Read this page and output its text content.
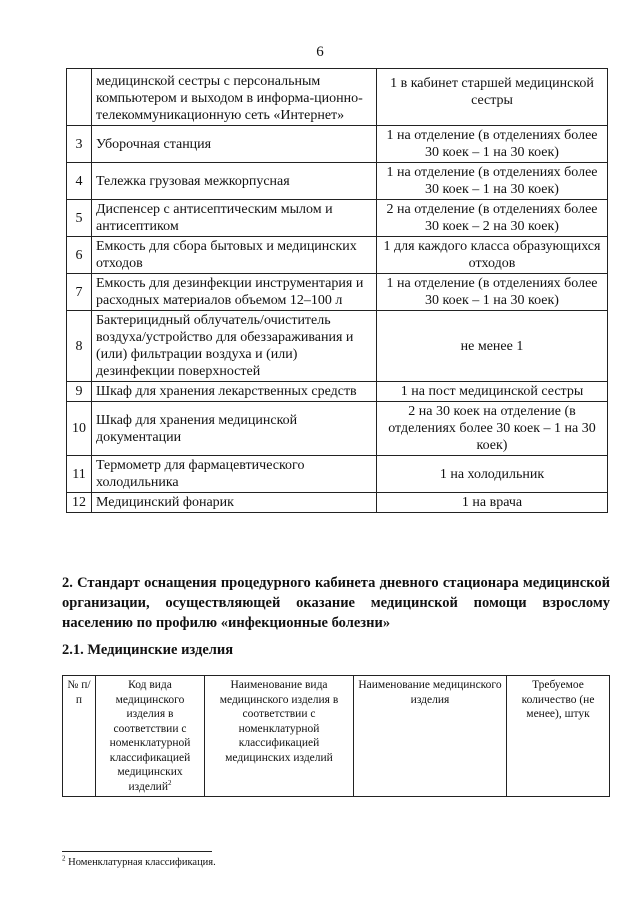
6
	медицинской сестры с персональным компьютером и выходом в информа-ционно-телекоммуникационную сеть «Интернет»	1 в кабинет старшей медицинской сестры
3	Уборочная станция	1 на отделение (в отделениях более 30 коек – 1 на 30 коек)
4	Тележка грузовая межкорпусная	1 на отделение (в отделениях более 30 коек – 1 на 30 коек)
5	Диспенсер с антисептическим мылом и антисептиком	2 на отделение (в отделениях более 30 коек – 2 на 30 коек)
6	Емкость для сбора бытовых и медицинских отходов	1 для каждого класса образующихся отходов
7	Емкость для дезинфекции инструментария и расходных материалов объемом 12–100 л	1 на отделение (в отделениях более 30 коек – 1 на 30 коек)
8	Бактерицидный облучатель/очиститель воздуха/устройство для обеззараживания и (или) фильтрации воздуха и (или) дезинфекции поверхностей	не менее 1
9	Шкаф для хранения лекарственных средств	1 на пост медицинской сестры
10	Шкаф для хранения медицинской документации	2 на 30 коек на отделение (в отделениях более 30 коек – 1 на 30 коек)
11	Термометр для фармацевтического холодильника	1 на холодильник
12	Медицинский фонарик	1 на врача
2. Стандарт оснащения процедурного кабинета дневного стационара медицинской организации, осуществляющей оказание медицинской помощи взрослому населению по профилю «инфекционные болезни»
2.1. Медицинские изделия
№ п/п	Код вида медицинского изделия в соответствии с номенклатурной классификацией медицинских изделий$^2$	Наименование вида медицинского изделия в соответствии с номенклатурной классификацией медицинских изделий	Наименование медицинского изделия	Требуемое количество (не менее), штук
$^2$ Номенклатурная классификация.
